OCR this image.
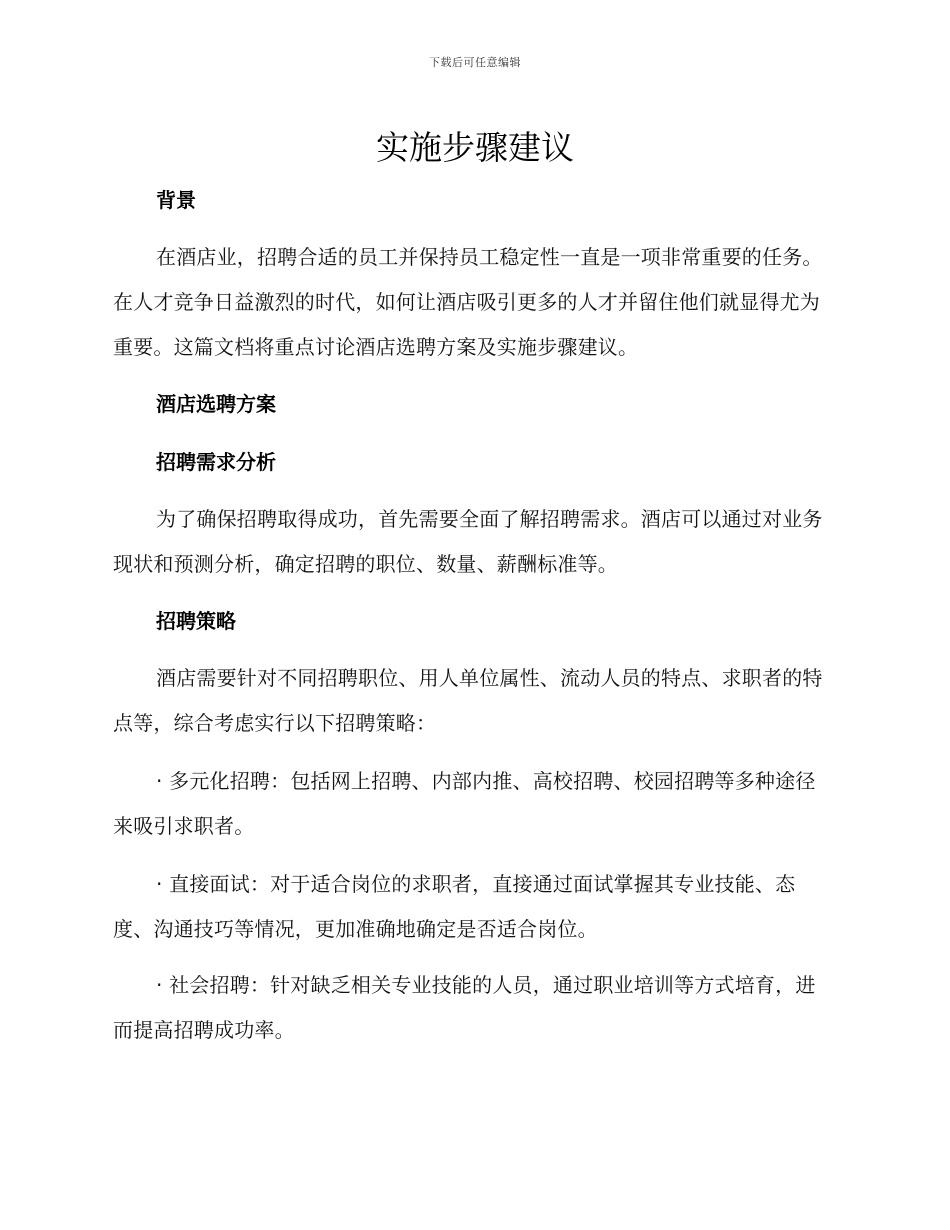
下载后可任意编辑
实施步骤建议
背景

在酒店业，招聘合适的员工并保持员工稳定性一直是一项非常重要的任务。在人才竞争日益激烈的时代，如何让酒店吸引更多的人才并留住他们就显得尤为重要。这篇文档将重点讨论酒店选聘方案及实施步骤建议。

酒店选聘方案
招聘需求分析

为了确保招聘取得成功，首先需要全面了解招聘需求。酒店可以通过对业务现状和预测分析，确定招聘的职位、数量、薪酬标准等。

招聘策略

酒店需要针对不同招聘职位、用人单位属性、流动人员的特点、求职者的特点等，综合考虑实行以下招聘策略：

· 多元化招聘：包括网上招聘、内部内推、高校招聘、校园招聘等多种途径来吸引求职者。

· 直接面试：对于适合岗位的求职者，直接通过面试掌握其专业技能、态度、沟通技巧等情况，更加准确地确定是否适合岗位。

· 社会招聘：针对缺乏相关专业技能的人员，通过职业培训等方式培育，进而提高招聘成功率。
